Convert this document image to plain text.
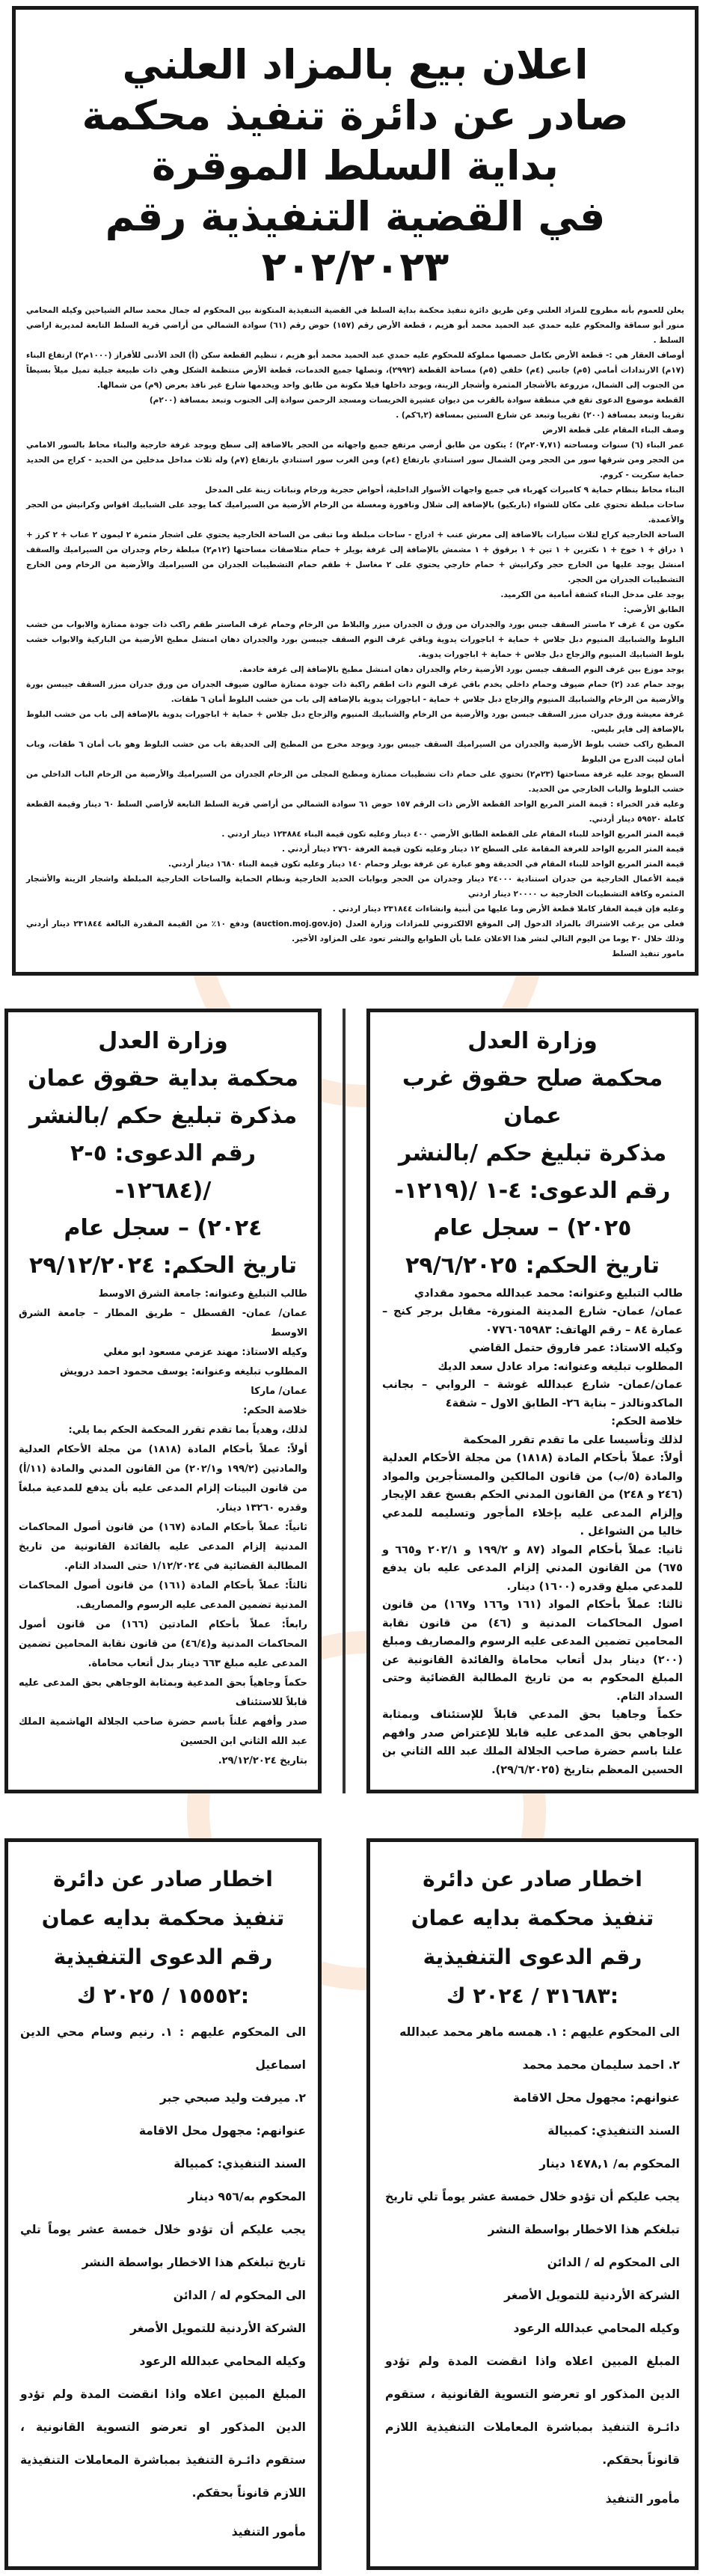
اعلان بيع بالمزاد العلني
صادر عن دائرة تنفيذ محكمة
بداية السلط الموقرة
في القضية التنفيذية رقم ٢٠٢/٢٠٢٣

يعلن للعموم بأنه مطروح للمزاد العلني وعن طريق دائرة تنفيذ محكمة بداية السلط في القضية التنفيذية المتكونة بين المحكوم له جمال محمد سالم الشياحين وكيله المحامي منور أبو سماقة والمحكوم عليه حمدي عبد الحميد محمد أبو هزيم ، قطعة الأرض رقم (١٥٧) حوض رقم (٦١) سوادة الشمالي من أراضي قرية السلط التابعة لمديرية اراضي السلط .

أوصاف العقار هي :- قطعة الأرض بكامل حصصها مملوكة للمحكوم عليه حمدي عبد الحميد محمد أبو هزيم ، تنظيم القطعة سكن (أ) الحد الأدنى للأفراز (١٠٠٠م٢) ارتفاع البناء (١٧م) الارتدادات أمامي (٥م) جانبي (٤م) خلفي (٥م) مساحة القطعة (٢٩٩٢)، وتصلها جميع الخدمات، قطعة الأرض منتظمة الشكل وهي ذات طبيعة جبلية تميل ميلاً بسيطاً من الجنوب إلى الشمال، مزروعة بالأشجار المثمرة وأشجار الزينة، ويوجد داخلها فيلا مكونة من طابق واحد ويخدمها شارع غير نافذ بعرض (٩م) من شمالها.

القطعة موضوع الدعوى تقع في منطقة سوادة بالقرب من ديوان عشيرة الخريسات ومسجد الرحمن سوادة إلى الجنوب وتبعد بمسافة (٢٠٠م)

تقريبا وتبعد بمسافة (٢٠٠) تقريبا وتبعد عن شارع الستين بمسافة (٦,٢كم) .

وصف البناء المقام على قطعة الارض

عمر البناء (٦) سنوات ومساحته (٢٠٧,٧١م٢) ؛ يتكون من طابق أرضي مرتفع جميع واجهاته من الحجر بالاضافة إلى سطح ويوجد غرفة خارجية والبناء محاط بالسور الامامي من الحجر ومن شرقها سور من الحجر ومن الشمال سور استنادي بارتفاع (٤م) ومن الغرب سور استنادي بارتفاع (٧م) وله ثلاث مداخل مدخلين من الحديد - كراج من الحديد حماية سكريت - كروم.

البناء محاط بنظام حماية ٩ كاميرات كهرباء في جميع واجهات الأسوار الداخلية، أحواض حجرية ورخام ونباتات زينة على المدخل

ساحات مبلطة تحتوي على مكان للشواء (باربكيو) بالإضافة إلى شلال ونافورة ومغسلة من الرخام الأرضية من السيراميك كما يوجد على الشبابيك اقواس وكرانيش من الحجر والأعمدة.

الساحة الخارجية كراج لثلاث سيارات بالاضافة إلى معرش عنب + ادراج - ساحات مبلطة وما تبقى من الساحة الخارجية يحتوي على اشجار مثمرة ٢ ليمون ٢ عناب + ٢ كرز + ١ دراق + ١ خوخ + ١ نكترين + ١ تين + ١ برقوق + ١ مشمش بالإضافة إلى غرفة بويلر + حمام متلاصقات مساحتها (١٢م٢) مبلطة رخام وجدران من السيراميك والسقف امنشل يوجد عليها من الخارج حجر وكرانيش + حمام خارجي يحتوي على ٢ مغاسل + طقم حمام التشطيبات الجدران من السيراميك والأرضية من الرخام ومن الخارج التشطيبات الجدران من الحجر.

يوجد على مدخل البناء كشفة أمامية من الكرميد.

الطابق الأرضي:

مكون من ٤ غرف ٢ ماستر السقف جبس بورد والجدران من ورق ن الجدران مبزر والبلاط من الرخام وحمام غرف الماستر طقم راكب ذات جودة ممتازة والابواب من خشب البلوط والشبابيك المنيوم دبل جلاس + حماية + اباجورات يدوية وباقي غرف النوم السقف جيبسن بورد والجدران دهان امنشل مطبخ الأرضية من الباركية والابواب خشب بلوط الشبابيك المنيوم والزجاج دبل جلاس + حماية + اباجورات يدوية.

يوجد موزع بين غرف النوم السقف جبسن بورد الأرضية رخام والجدران دهان امنشل مطبخ بالإضافة إلى غرفة خادمة.

يوجد حمام عدد (٢) حمام ضيوف وحمام داخلي يخدم باقي غرف النوم ذات اطقم راكبة ذات جودة ممتازة صالون ضيوف الجدران من ورق جدران مبزر السقف جيبسن بورة والأرضية من الرخام والشبابيك المنيوم والزجاج دبل جلاس + حماية - اباجورات يدوية بالإضافة إلى باب من خشب البلوط أمان ٦ طقات.

غرفة معيشة ورق جدران مبزر السقف جبسن بورد والأرضية من الرخام والشبابيك المنيوم والزجاج دبل جلاس + حماية + اباجورات يدوية بالإضافة إلى باب من خشب البلوط بالإضافة إلى فاير بليس.

المطبخ راكب خشب بلوط الأرضية والجدران من السيراميك السقف جيبس بورد ويوجد مخرج من المطبخ إلى الحديقة باب من خشب البلوط وهو باب أمان ٦ طقات، وباب أمان لبيت الدرج من البلوط

السطح يوجد عليه غرفة مساحتها (٢٣م٢) تحتوي على حمام ذات تشطيبات ممتازة ومطبخ المجلى من الرخام الجدران من السيراميك والأرضية من الرخام الباب الداخلي من خشب البلوط والباب الخارجي من الحديد.

وعليه قدر الخبراء : قيمة المتر المربع الواحد القطعة الأرض ذات الرقم ١٥٧ حوض ٦١ سوادة الشمالي من أراضي قرية السلط التابعة لأراضي السلط ٦٠ دينار وقيمة القطعة كاملة ٥٩٥٢٠ دينار أردني.

قيمة المتر المربع الواحد للبناء المقام على القطعة الطابق الأرضي ٤٠٠ دينار وعليه تكون قيمة البناء ١٢٣٨٨٤ دينار اردني .

قيمة المتر المربع الواحد للغرفة المقامة على السطح ١٢ دينار وعليه تكون قيمة الغرفة ٢٧٦٠ دينار أردني .

قيمة المتر المربع الواحد للبناء المقام في الحديقة وهو عبارة عن غرفة بويلر وحمام ١٤٠ دينار وعليه تكون قيمة البناء ١٦٨٠ دينار أردني.

قيمة الأعمال الخارجية من جدران استنادية ٢٤٠٠٠ دينار وجدران من الحجر وبوابات الحديد الخارجية ونظام الحماية والساحات الخارجية المبلطة واشجار الزينة والأشجار المثمره وكافة التشطيبات الخارجية ب ٢٠٠٠٠ دينار اردني

وعليه فإن قيمة العقار كاملا قطعة الأرض وما عليها من أبنية وانشاءات ٢٣١٨٤٤ دينار اردني .

فعلى من يرغب الاشتراك بالمزاد الدخول إلى الموقع الالكتروني للمزادات وزارة العدل (auction.moj.gov.jo) ودفع ١٠٪ من القيمة المقدرة البالغة ٢٣١٨٤٤ دينار أردني وذلك خلال ٣٠ يوما من اليوم التالي لنشر هذا الاعلان علما بأن الطوابع والنشر تعود على المزاود الأخير.

مامور تنفيذ السلط

وزارة العدل
محكمة صلح حقوق غرب
عمان
مذكرة تبليغ حكم /بالنشر
رقم الدعوى: ٤-١ /(١٢١٩-
٢٠٢٥) – سجل عام
تاريخ الحكم: ٢٩/٦/٢٠٢٥

طالب التبليغ وعنوانه: محمد عبدالله محمود مقدادي

عمان/ عمان- شارع المدينة المنورة- مقابل برجر كنج – عمارة ٨٤ – رقم الهاتف: ٠٧٧٦٠٦٥٩٨٣

وكيله الاستاذ: عمر فاروق حتمل القاضي

المطلوب تبليغه وعنوانه: مراد عادل سعد الديك

عمان/عمان- شارع عبدالله غوشة – الروابي – بجانب الماكدونالدز – بناية ٢٦- الطابق الاول – شقة٤

خلاصة الحكم:

لذلك وتأسيسا على ما تقدم تقرر المحكمة

أولاً: عملاً بأحكام المادة (١٨١٨) من مجلة الأحكام العدلية والمادة (٥/ب) من قانون المالكين والمستأجرين والمواد (٢٤٦ و ٢٤٨) من القانون المدني الحكم بفسخ عقد الإيجار وإلزام المدعى عليه بإخلاء المأجور وتسليمه للمدعي خاليا من الشواغل .

ثانيا: عملاً بأحكام المواد (٨٧ و ١٩٩/٢ و ٢٠٢/١ و٦٦٥ و ٦٧٥) من القانون المدني إلزام المدعى عليه بان يدفع للمدعي مبلغ وقدره (١٦٠٠) دينار.

ثالثا: عملاً بأحكام المواد (١٦١ و١٦٦ و١٦٧) من قانون اصول المحاكمات المدنية و (٤٦) من قانون نقابة المحامين تضمين المدعى عليه الرسوم والمصاريف ومبلغ (٢٠٠) دينار بدل أتعاب محاماة والفائدة القانونية عن المبلغ المحكوم به من تاريخ المطالبة القضائية وحتى السداد التام.

حكماً وجاهيا بحق المدعي قابلاً للإستئناف وبمثابة الوجاهي بحق المدعى عليه قابلا للإعتراض صدر وافهم علنا باسم حضرة صاحب الجلالة الملك عبد الله الثاني بن الحسين المعظم بتاريخ (٢٩/٦/٢٠٢٥).

وزارة العدل
محكمة بداية حقوق عمان
مذكرة تبليغ حكم /بالنشر
رقم الدعوى: ٥-٢ /(١٢٦٨٤-
٢٠٢٤) – سجل عام
تاريخ الحكم: ٢٩/١٢/٢٠٢٤

طالب التبليغ وعنوانه: جامعة الشرق الاوسط

عمان/ عمان- القسطل – طريق المطار – جامعة الشرق الاوسط

وكيله الاستاذ: مهند عزمي مسعود ابو مغلي

المطلوب تبليغه وعنوانه: يوسف محمود احمد درويش

عمان/ ماركا

خلاصة الحكم:

لذلك، وهدياً بما تقدم تقرر المحكمة الحكم بما يلي:

أولاً: عملاً بأحكام المادة (١٨١٨) من مجلة الأحكام العدلية والمادتين (١٩٩/٢ و٢٠٢/١) من القانون المدني والمادة (١١/أ) من قانون البينات إلزام المدعى عليه بأن يدفع للمدعية مبلغاً وقدره ١٣٢٦٠ دينار.

ثانياً: عملاً بأحكام المادة (١٦٧) من قانون أصول المحاكمات المدنية إلزام المدعى عليه بالفائدة القانونية من تاريخ المطالبة القضائية في ١/١٢/٢٠٢٤ حتى السداد التام.

ثالثاً: عملاً بأحكام المادة (١٦١) من قانون أصول المحاكمات المدنية تضمين المدعى عليه الرسوم والمصاريف.

رابعاً: عملاً بأحكام المادتين (١٦٦) من قانون أصول المحاكمات المدنية و(٤٦/٤) من قانون نقابة المحامين تضمين المدعى عليه مبلغ ٦٦٣ دينار بدل أتعاب محاماة.

حكماً وجاهياً بحق المدعية وبمثابة الوجاهي بحق المدعى عليه قابلاً للاستئناف

صدر وأفهم علناً باسم حضرة صاحب الجلالة الهاشمية الملك عبد الله الثاني ابن الحسين

بتاريخ ٢٩/١٢/٢٠٢٤.

اخطار صادر عن دائرة
تنفيذ محكمة بدايه عمان
رقم الدعوى التنفيذية
:٣١٦٨٣ / ٢٠٢٤ ك

الى المحكوم عليهم : ١. همسه ماهر محمد عبدالله

٢. احمد سليمان محمد محمد

عنوانهم: مجهول محل الاقامة

السند التنفيذي: كمبيالة

المحكوم به/ ١٤٧٨,١ دينار

يجب عليكم أن تؤدو خلال خمسة عشر يوماً تلي تاريخ تبلغكم هذا الاخطار بواسطة النشر

الى المحكوم له / الدائن

الشركة الأردنية للتمويل الأصغر

وكيله المحامي عبدالله الرعود

المبلغ المبين اعلاه واذا انقضت المدة ولم تؤدو الدين المذكور او تعرضو التسوية القانونية ، ستقوم دائـرة التنفيذ بمباشرة المعاملات التنفيذية اللازم قانوناً بحقكم.

مأمور التنفيذ

اخطار صادر عن دائرة
تنفيذ محكمة بدايه عمان
رقم الدعوى التنفيذية
:١٥٥٥٢ / ٢٠٢٥ ك

الى المحكوم عليهم : ١. رنيم وسام محي الدين اسماعيل

٢. ميرفت وليد صبحي جبر

عنوانهم: مجهول محل الاقامة

السند التنفيذي: كمبيالة

المحكوم به/٩٥٦ دينار

يجب عليكم أن تؤدو خلال خمسة عشر يوماً تلي تاريخ تبلغكم هذا الاخطار بواسطة النشر

الى المحكوم له / الدائن

الشركة الأردنية للتمويل الأصغر

وكيله المحامي عبدالله الرعود

المبلغ المبين اعلاه واذا انقضت المدة ولم تؤدو الدين المذكور او تعرضو التسوية القانونية ، ستقوم دائـرة التنفيذ بمباشرة المعاملات التنفيذية اللازم قانوناً بحقكم.

مأمور التنفيذ
